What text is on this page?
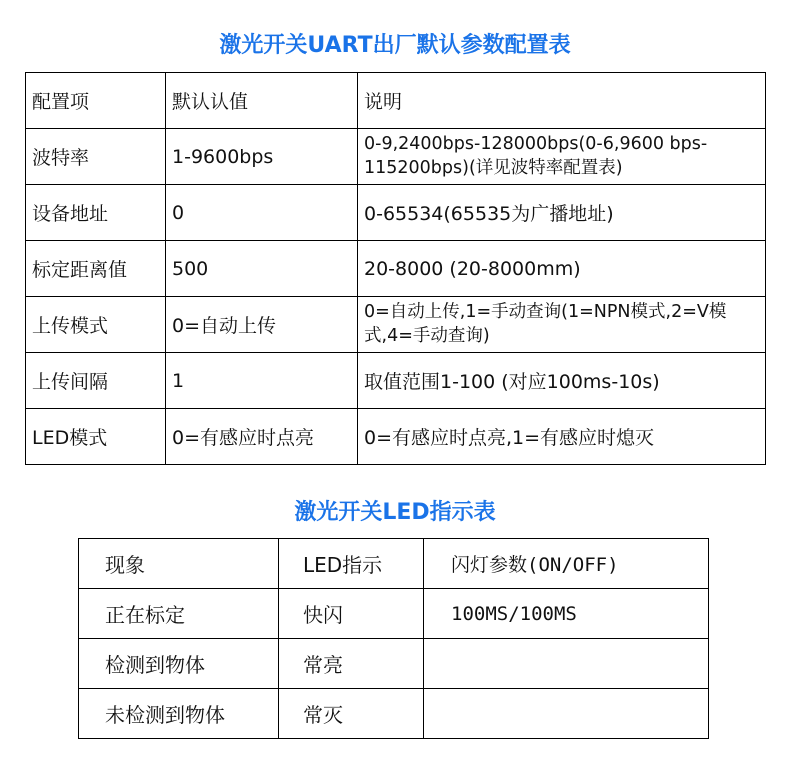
激光开关UART出厂默认参数配置表
配置项	默认认值	说明
波特率	1-9600bps	0-9,2400bps-128000bps(0-6,9600 bps-115200bps)(详见波特率配置表)
设备地址	0	0-65534(65535为广播地址)
标定距离值	500	20-8000 (20-8000mm)
上传模式	0=自动上传	0=自动上传,1=手动查询(1=NPN模式,2=V模式,4=手动查询)
上传间隔	1	取值范围1-100 (对应100ms-10s)
LED模式	0=有感应时点亮	0=有感应时点亮,1=有感应时熄灭
激光开关LED指示表
现象	LED指示	闪灯参数(ON/OFF)
正在标定	快闪	100MS/100MS
检测到物体	常亮	
未检测到物体	常灭	
